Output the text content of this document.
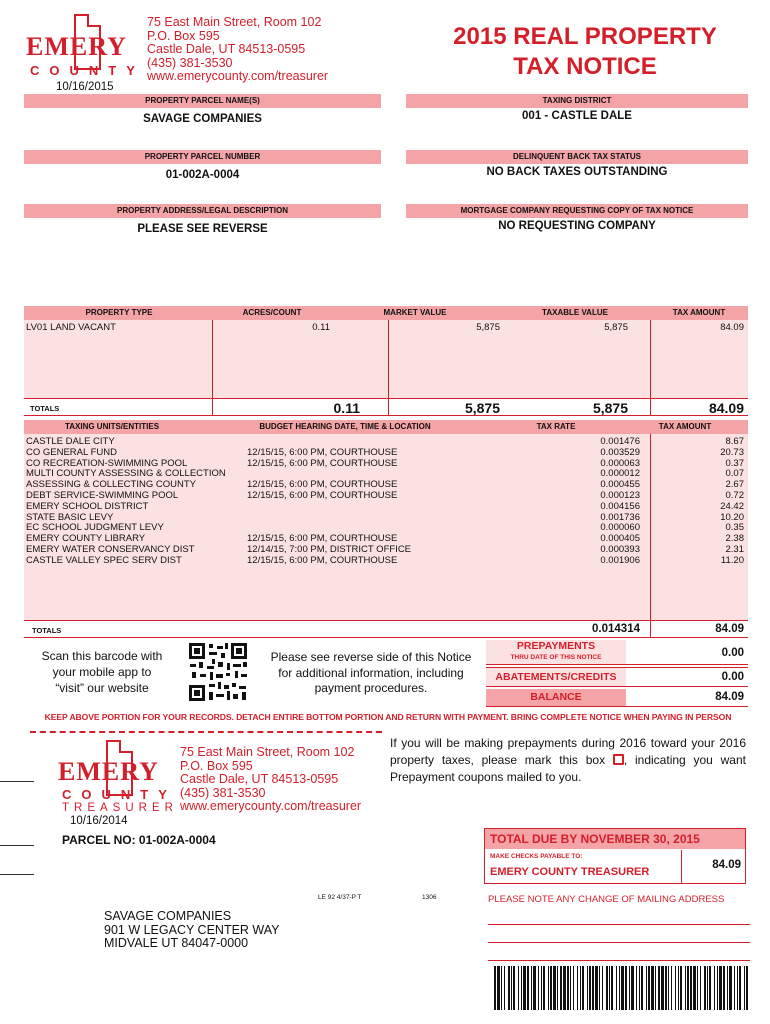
EMERY
COUNTY
10/16/2015
75 East Main Street, Room 102
P.O. Box 595
Castle Dale, UT 84513-0595
(435) 381-3530
www.emerycounty.com/treasurer
2015 REAL PROPERTY
TAX NOTICE
PROPERTY PARCEL NAME(S)
SAVAGE COMPANIES
TAXING DISTRICT
001 - CASTLE DALE
PROPERTY PARCEL NUMBER
01-002A-0004
DELINQUENT BACK TAX STATUS
NO BACK TAXES OUTSTANDING
PROPERTY ADDRESS/LEGAL DESCRIPTION
PLEASE SEE REVERSE
MORTGAGE COMPANY REQUESTING COPY OF TAX NOTICE
NO REQUESTING COMPANY
PROPERTY TYPE	ACRES/COUNT	MARKET VALUE	TAXABLE VALUE	TAX AMOUNT
LV01 LAND VACANT	0.11	5,875	5,875	84.09
TOTALS	0.11	5,875	5,875	84.09
TAXING UNITS/ENTITIES	BUDGET HEARING DATE, TIME & LOCATION	TAX RATE	TAX AMOUNT
CASTLE DALE CITY	0.001476	8.67
CO GENERAL FUND	12/15/15, 6:00 PM, COURTHOUSE	0.003529	20.73
CO RECREATION-SWIMMING POOL	12/15/15, 6:00 PM, COURTHOUSE	0.000063	0.37
MULTI COUNTY ASSESSING & COLLECTION	0.000012	0.07
ASSESSING & COLLECTING COUNTY	12/15/15, 6:00 PM, COURTHOUSE	0.000455	2.67
DEBT SERVICE-SWIMMING POOL	12/15/15, 6:00 PM, COURTHOUSE	0.000123	0.72
EMERY SCHOOL DISTRICT	0.004156	24.42
STATE BASIC LEVY	0.001736	10.20
EC SCHOOL JUDGMENT LEVY	0.000060	0.35
EMERY COUNTY LIBRARY	12/15/15, 6:00 PM, COURTHOUSE	0.000405	2.38
EMERY WATER CONSERVANCY DIST	12/14/15, 7:00 PM, DISTRICT OFFICE	0.000393	2.31
CASTLE VALLEY SPEC SERV DIST	12/15/15, 6:00 PM, COURTHOUSE	0.001906	11.20
TOTALS	0.014314	84.09
Scan this barcode with your mobile app to “visit” our website
Please see reverse side of this Notice for additional information, including payment procedures.
PREPAYMENTS
THRU DATE OF THIS NOTICE	0.00
ABATEMENTS/CREDITS	0.00
BALANCE	84.09
KEEP ABOVE PORTION FOR YOUR RECORDS. DETACH ENTIRE BOTTOM PORTION AND RETURN WITH PAYMENT. BRING COMPLETE NOTICE WHEN PAYING IN PERSON
EMERY
COUNTY
TREASURER
10/16/2014
75 East Main Street, Room 102
P.O. Box 595
Castle Dale, UT 84513-0595
(435) 381-3530
www.emerycounty.com/treasurer
PARCEL NO: 01-002A-0004
If you will be making prepayments during 2016 toward your 2016 property taxes, please mark this box , indicating you want Prepayment coupons mailed to you.
TOTAL DUE BY NOVEMBER 30, 2015
MAKE CHECKS PAYABLE TO:
EMERY COUNTY TREASURER
84.09
LE 92 4/37-P T	1306	PLEASE NOTE ANY CHANGE OF MAILING ADDRESS
SAVAGE COMPANIES
901 W LEGACY CENTER WAY
MIDVALE UT 84047-0000
